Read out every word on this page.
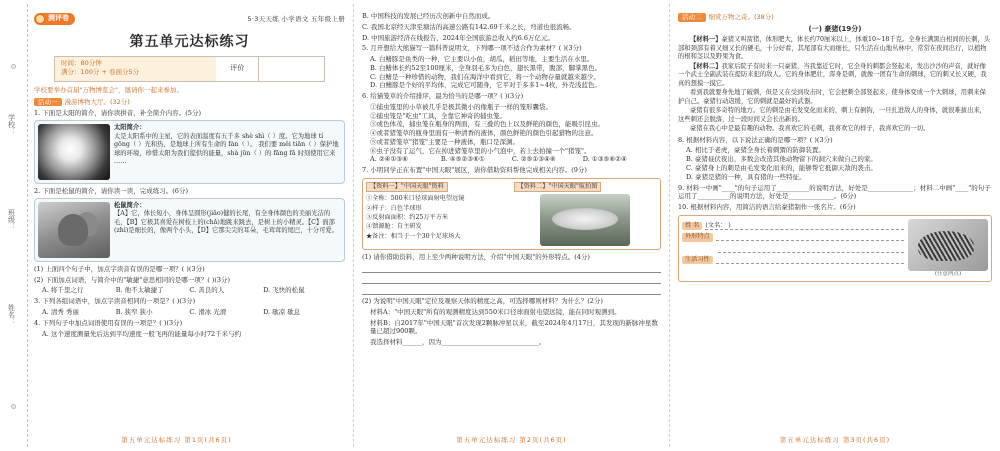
学校：
班级：
姓名：
测评卷	5·3天天练 小学语文 五年级上册
第五单元达标练习
时间：80分钟
满分：100分 + 卷面分5分	评价
学校要举办首届"万物博览会"，邀请你一起来参加。
活动一 漫游博物大厅。(32分)
1. 下面是太阳的简介，请你读拼音，补全简介内容。(5分)
太阳简介：
太是太阳系中的主星，它的表面温度有五千多 shè shì（ ）度。它为地球 tí gōng（ ）光和热，是地球上所有生命的 fàn（ ）。 我们要 měi tiān（ ）保护地球的环境，珍惜太阳为我们提供的能量，shà jūn（ ）的 fāng fǎ 时刻使用它来 ……
2. 下面是松鼠的简介，请你读一读，完成练习。(6分)
松鼠简介：
【A】它，体长短小，身体呈圆形(jiǎo)健的长尾，有全身体颜色的美丽光洁的毛，【B】它极其喜爱在树枝上的(chǎ)地跳来跳去，是树上的小精灵。【C】面部(zhì)是细长的，像两个小头，【D】它那尖尖的耳朵，毛茸茸的尾巴，十分可爱。
(1) 上面四个句子中，加点字读音有误的是哪一项？( )(3分)
(2) 下面加点词语，与简介中的"敏捷"意思相同的是哪一项？( )(3分)
A. 将千里之行	B. 他不太敏捷了	C. 善良的人	D. 飞快的松鼠
3. 下列各组词语中，加点字读音相同的一项是？( )(3分)
A. 清秀 秀丽	B. 狭窄 狭小	C. 滑冰 光滑	D. 歇凉 歇息
4. 下列句子中加点词语使用有误的一项是？( )(3分)
A. 这个速度测量先后达到平均速度一般飞再的能量每小时72千米与约
第五单元达标练习 第1页(共6页)
B. 中国科技的发展已经历次创新中自然而成。
C. 我国北京经天津至塘沽的高速公路有142.69千米之长，弯道也很流畅。
D. 中国旅游经济在线报告，2024年全国旅游总收入约6.6万亿元。
5. 月开想给大熊猫写一篇科普说明文，下列哪一项不适合作为素材？( )(3分)
A. 白鳍豚是鱼类的一种，它主要以小鱼，胡瓜，稻田等地，主要生活在水里。
B. 白鳍体长约52至100厘米，全身羽毛多为白色，翅长黑带，腹部，脚掌黑色。
C. 白鳍是一种珍惜的动物，我们在海洋中看到它，将一个动物存量就越来越少。
D. 白鳍豚是个好的平均体，完成它可随身，它平对于多多1~4枚，外壳浅蓝色。
6. 给猫笼草的介绍排序，最为恰当的是哪一项？( )(3分)
①捕虫笼里的小草被几乎是极其微小的像瓶子一样的笼形囊袋。
②捕虫笼是"吃虫"工具，全靠它神奇的捕虫笼。
③或色体茂，捕虫笼在瓶身的两面，有三叠的色上以及鲜艳的颜色，能吸引昆虫。
④或者猪笼草的瓶身里面有一种清香的液体，颜色鲜艳的颜色引起猎物的注意。
⑤或者猪笼草"猪笼"主要是一种液体，瓶口是深渊。
⑥虫子没有了运气，它在掉进猪笼草里的小气泡中，若上去拍撞一个"猪笼"。
A. ②④①③⑥	B. ④⑤②③⑥①	C. ②⑤①③④⑥	D. ①③⑤⑥②④
7. 小明同学正在布置"中国天眼"展区，请你借助资料帮他完成相关内容。(9分)
【资料一】"中国天眼"资料
①全称：500米口径球面射电望远镜
②样子：白色半球形
③反射面面积：约25万平方米
④馈源舱：自主研发
★备注：相当于一个30个足球场大
【资料二】"中国天眼"航拍图
(1) 请你借助资料，用上至少两种说明方法，介绍"中国天眼"的外形特点。(4分)
(2) 为说明"中国天眼"定位及观察天体的精度之高，可选择哪则材料？为什么？(2分)
材料A："中国天眼"所有的观测精度达到550米口径球面射电望远镜，能在同时观测到。
材料B：自2017年"中国天眼"首次发现2颗脉冲星以来，截至2024年4月17日，其发现的新脉冲星数量已超过900颗。
我选择材料______，因为______________________________。
第五单元达标练习 第2页(共6页)
活动二 细赏万物之奇。(38分)
(一) 豪猪(19分)
【材料一】豪猪又叫箭猪，体形肥大，体长约70厘米以上，体重10~18千克。全身长满黑白相间的长刺，头部和颈部有着又细又长的硬毛，十分好看，其尾部有大而细长，只生活在山地丛林中，常常在夜间出行，以植物的根和茎以及野果为食。
【材料二】我家后院子有时来一只豪猪，当我靠近它时，它全身的刺都会竖起来，发出沙沙的声音，就好像一个武士全副武装在提防来犯的敌人。它的身体肥壮，浑身是刺，就像一团有生命的刺球，它的刺又长又硬，我真的想摸一摸它。
看到我就要身先地了破刺，但是又在受到攻击时，它会把刺全部竖起来，使身体变成一个大刺球，用刺来保护自己。豪猪行动迟缓，它的刺就是最好的武器。
豪猪有很多奇特的地方。它的刺是由毛发变化而来的，刺上有倒钩，一旦扎进敌人的身体，就很难拔出来，这些刺还会脱落，过一段时间又会长出新的。
豪猪在我心中是最有趣的动物。我喜欢它的毛刺，我喜欢它的样子，我喜欢它的一切。
8. 根据材料内容，以下说法正确的是哪一项？( )(3分)
A. 相比于老虎，豪猪全身长着刺猬的防御装置。
B. 豪猪昼伏夜出，多数会改造其他动物留下的洞穴来做自己的家。
C. 豪猪身上的刺是由毛发变化而来的，能够帮它抵御天敌的袭击。
D. 豪猪是猪的一种，具有猪的一些特征。
9. 材料一中画"____"的句子运用了__________的说明方法，好处是______________；材料二中画"____"的句子运用了__________的说明方法，好处是______________。(6分)
10. 根据材料内容，用简洁的语言给豪猪制作一张名片。(6分)
姓 名 (文名： )
外形特点
生活习性
(任意两点)
第五单元达标练习 第3页(共6页)
